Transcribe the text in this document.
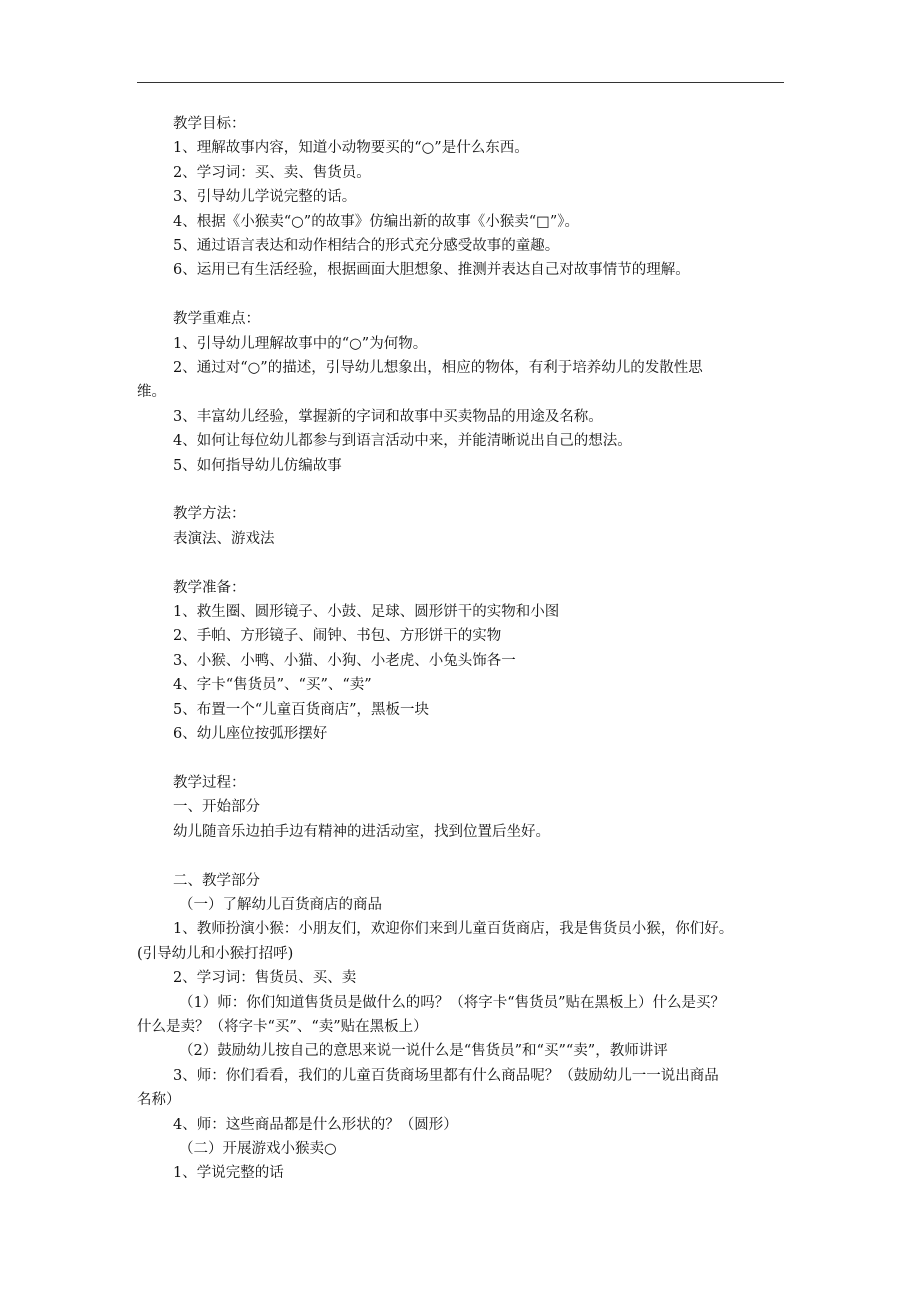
教学目标：
1、理解故事内容，知道小动物要买的“○”是什么东西。
2、学习词：买、卖、售货员。
3、引导幼儿学说完整的话。
4、根据《小猴卖“○”的故事》仿编出新的故事《小猴卖“□”》。
5、通过语言表达和动作相结合的形式充分感受故事的童趣。
6、运用已有生活经验，根据画面大胆想象、推测并表达自己对故事情节的理解。
教学重难点：
1、引导幼儿理解故事中的“○”为何物。
2、通过对“○”的描述，引导幼儿想象出，相应的物体，有利于培养幼儿的发散性思
维。
3、丰富幼儿经验，掌握新的字词和故事中买卖物品的用途及名称。
4、如何让每位幼儿都参与到语言活动中来，并能清晰说出自己的想法。
5、如何指导幼儿仿编故事
教学方法：
表演法、游戏法
教学准备：
1、救生圈、圆形镜子、小鼓、足球、圆形饼干的实物和小图
2、手帕、方形镜子、闹钟、书包、方形饼干的实物
3、小猴、小鸭、小猫、小狗、小老虎、小兔头饰各一
4、字卡“售货员”、“买”、“卖”
5、布置一个“儿童百货商店”，黑板一块
6、幼儿座位按弧形摆好
教学过程：
一、开始部分
幼儿随音乐边拍手边有精神的进活动室，找到位置后坐好。
二、教学部分
（一）了解幼儿百货商店的商品
1、教师扮演小猴：小朋友们，欢迎你们来到儿童百货商店，我是售货员小猴，你们好。
(引导幼儿和小猴打招呼)
2、学习词：售货员、买、卖
（1）师：你们知道售货员是做什么的吗？（将字卡“售货员”贴在黑板上）什么是买？
什么是卖？（将字卡“买”、“卖”贴在黑板上）
（2）鼓励幼儿按自己的意思来说一说什么是“售货员”和“买”“卖”，教师讲评
3、师：你们看看，我们的儿童百货商场里都有什么商品呢？（鼓励幼儿一一说出商品
名称）
4、师：这些商品都是什么形状的？（圆形）
（二）开展游戏小猴卖○
1、学说完整的话
